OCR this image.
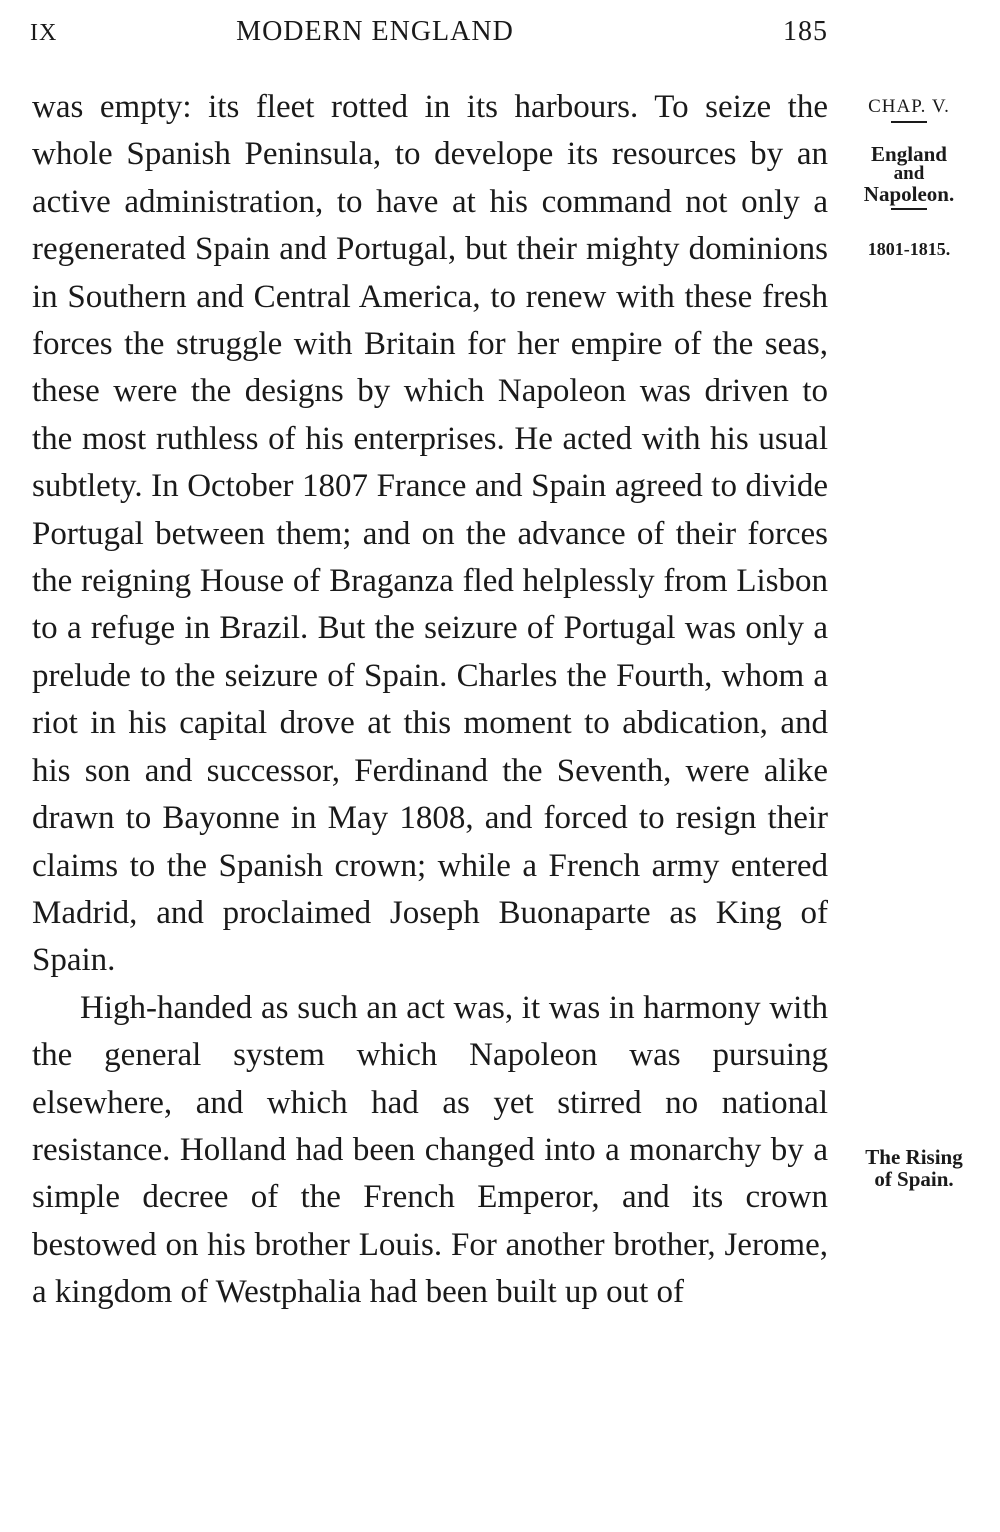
IX	MODERN ENGLAND	185

was empty: its fleet rotted in its harbours. To seize the whole Spanish Peninsula, to develope its resources by an active administration, to have at his command not only a regenerated Spain and Portugal, but their mighty dominions in Southern and Central America, to renew with these fresh forces the struggle with Britain for her empire of the seas, these were the designs by which Napoleon was driven to the most ruthless of his enterprises. He acted with his usual subtlety. In October 1807 France and Spain agreed to divide Portugal between them; and on the advance of their forces the reigning House of Braganza fled helplessly from Lisbon to a refuge in Brazil. But the seizure of Portugal was only a prelude to the seizure of Spain. Charles the Fourth, whom a riot in his capital drove at this moment to abdication, and his son and successor, Ferdinand the Seventh, were alike drawn to Bayonne in May 1808, and forced to resign their claims to the Spanish crown; while a French army entered Madrid, and proclaimed Joseph Buonaparte as King of Spain.

High-handed as such an act was, it was in harmony with the general system which Napoleon was pursuing elsewhere, and which had as yet stirred no national resistance. Holland had been changed into a monarchy by a simple decree of the French Emperor, and its crown bestowed on his brother Louis. For another brother, Jerome, a kingdom of Westphalia had been built up out of

CHAP. V.
England
and
Napoleon.
1801-1815.
The Rising
of Spain.
